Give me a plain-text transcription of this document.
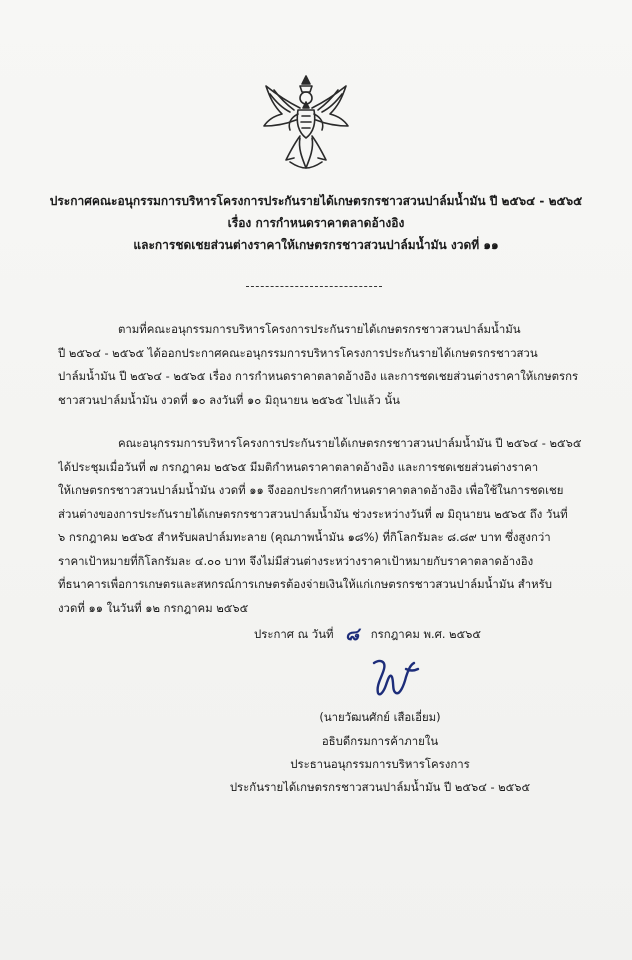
ประกาศคณะอนุกรรมการบริหารโครงการประกันรายได้เกษตรกรชาวสวนปาล์มน้ำมัน ปี ๒๕๖๔ - ๒๕๖๕
เรื่อง การกำหนดราคาตลาดอ้างอิง
และการชดเชยส่วนต่างราคาให้เกษตรกรชาวสวนปาล์มน้ำมัน งวดที่ ๑๑
ตามที่คณะอนุกรรมการบริหารโครงการประกันรายได้เกษตรกรชาวสวนปาล์มน้ำมัน
ปี ๒๕๖๔ - ๒๕๖๕ ได้ออกประกาศคณะอนุกรรมการบริหารโครงการประกันรายได้เกษตรกรชาวสวน
ปาล์มน้ำมัน ปี ๒๕๖๔ - ๒๕๖๕ เรื่อง การกำหนดราคาตลาดอ้างอิง และการชดเชยส่วนต่างราคาให้เกษตรกร
ชาวสวนปาล์มน้ำมัน งวดที่ ๑๐ ลงวันที่ ๑๐ มิถุนายน ๒๕๖๕ ไปแล้ว นั้น
คณะอนุกรรมการบริหารโครงการประกันรายได้เกษตรกรชาวสวนปาล์มน้ำมัน ปี ๒๕๖๔ - ๒๕๖๕
ได้ประชุมเมื่อวันที่ ๗ กรกฎาคม ๒๕๖๕ มีมติกำหนดราคาตลาดอ้างอิง และการชดเชยส่วนต่างราคา
ให้เกษตรกรชาวสวนปาล์มน้ำมัน งวดที่ ๑๑ จึงออกประกาศกำหนดราคาตลาดอ้างอิง เพื่อใช้ในการชดเชย
ส่วนต่างของการประกันรายได้เกษตรกรชาวสวนปาล์มน้ำมัน ช่วงระหว่างวันที่ ๗ มิถุนายน ๒๕๖๕ ถึง วันที่
๖ กรกฎาคม ๒๕๖๕ สำหรับผลปาล์มทะลาย (คุณภาพน้ำมัน ๑๘%) ที่กิโลกรัมละ ๘.๘๙ บาท ซึ่งสูงกว่า
ราคาเป้าหมายที่กิโลกรัมละ ๔.๐๐ บาท จึงไม่มีส่วนต่างระหว่างราคาเป้าหมายกับราคาตลาดอ้างอิง
ที่ธนาคารเพื่อการเกษตรและสหกรณ์การเกษตรต้องจ่ายเงินให้แก่เกษตรกรชาวสวนปาล์มน้ำมัน สำหรับ
งวดที่ ๑๑ ในวันที่ ๑๒ กรกฎาคม ๒๕๖๕
ประกาศ ณ วันที่ ๘ กรกฎาคม พ.ศ. ๒๕๖๕
(นายวัฒนศักย์ เสือเอี่ยม)
อธิบดีกรมการค้าภายใน
ประธานอนุกรรมการบริหารโครงการ
ประกันรายได้เกษตรกรชาวสวนปาล์มน้ำมัน ปี ๒๕๖๔ - ๒๕๖๕
